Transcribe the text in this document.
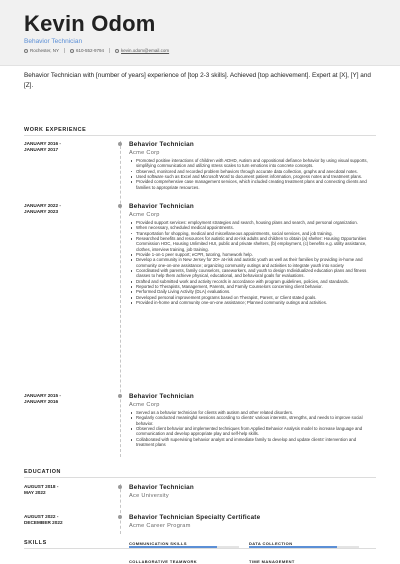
Kevin Odom
Behavior Technician
Rochester, NY	610-552-9794	kevin.odom@email.com
Behavior Technician with [number of years] experience of [top 2-3 skills]. Achieved [top achievement]. Expert at [X], [Y] and [Z].
WORK EXPERIENCE
JANUARY 2016 -
JANUARY 2017
Behavior Technician
Acme Corp
Promoted positive interactions of children with ADHD, Autism and oppositional defiance behavior by using visual supports, simplifying communication and utilizing stress scales to turn emotions into concrete concepts.
Observed, monitored and recorded problem behaviors through accurate data collection, graphs and anecdotal notes.
Used software such as Excel and Microsoft Word to document patient information, progress notes and treatment plans.
Provided comprehensive case management services, which included creating treatment plans and connecting clients and families to appropriate resources.
JANUARY 2022 -
JANUARY 2023
Behavior Technician
Acme Corp
Provided support services: employment strategies and search, housing plans and search, and personal organization.
When necessary, scheduled medical appointments.
Transportation for shopping, medical and miscellaneous appointments, social services, and job training.
Researched benefits and resources for autistic and at-risk adults and children to obtain (a) shelter: Housing Opportunities Commission HOC, Housing Unlimited HUI, public and private shelters, (b) employment, (c) benefits e.g. utility assistance, clothes, interview training, job training.
Provide 1-on-1 peer support; eCPR, tutoring, homework help.
Develop a community in New Jersey for 20+ at-risk and autistic youth as well as their families by providing in-home and community one-on-one assistance; organizing community outings and activities to integrate youth into society
Coordinated with parents, family counselors, caseworkers, and youth to design Individualized education plans and fitness classes to help them achieve physical, educational, and behavioral goals for evaluations.
Drafted and submitted work and activity records in accordance with program guidelines, policies, and standards.
Reported to Therapists, Management, Parents, and Family Counselors concerning client behavior.
Performed Daily Living Activity (DLA) evaluations.
Developed personal improvement programs based on Therapist, Parent, or Client stated goals.
Provided in-home and community one-on-one assistance; Planned community outings and activities.
JANUARY 2015 -
JANUARY 2016
Behavior Technician
Acme Corp
Served as a behavior technician for clients with autism and other related disorders.
Regularly conducted meaningful sessions according to clients' various interests, strengths, and needs to improve social behavior.
Observed client behavior and implemented techniques from Applied Behavior Analysis model to increase language and communication and develop appropriate play and self-help skills.
Collaborated with supervising behavior analyst and immediate family to develop and update clients' intervention and treatment plans
EDUCATION
AUGUST 2018 -
MAY 2022
Behavior Technician
Ace University
AUGUST 2022 -
DECEMBER 2022
Behavior Technician Specialty Certificate
Acme Career Program
SKILLS	COMMUNICATION SKILLS	DATA COLLECTION
COLLABORATIVE TEAMWORK	TIME MANAGEMENT
